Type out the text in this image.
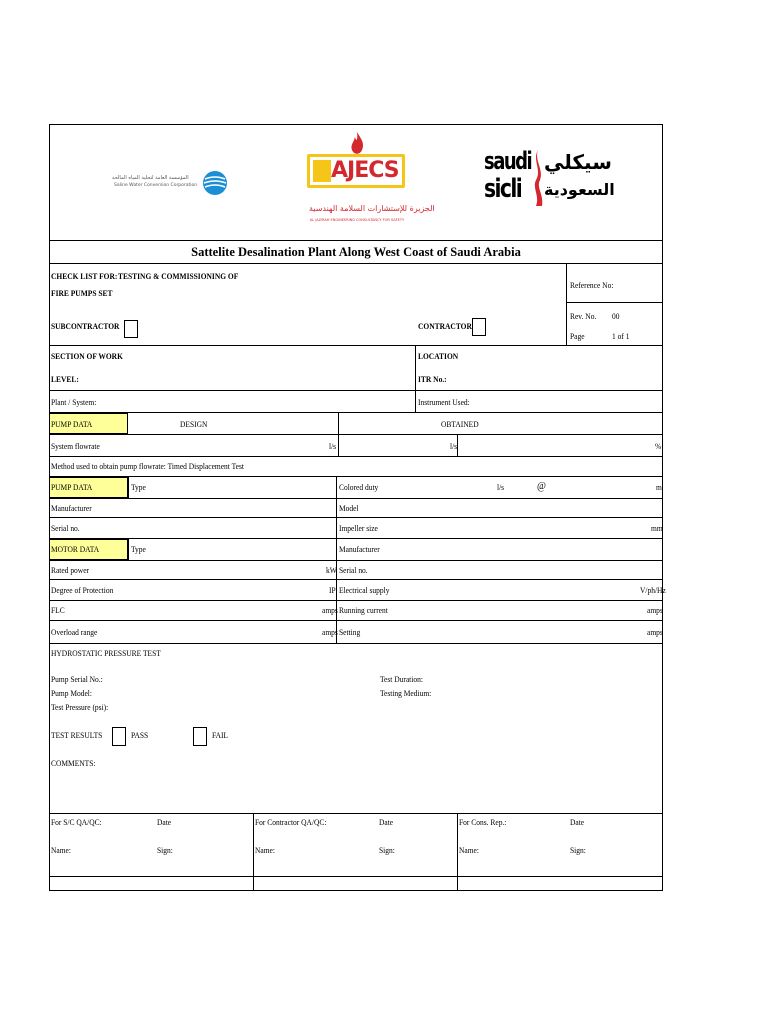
المؤسسة العامة لتحلية المياه المالحة
Saline Water Conversion Corporation
AJECS
الجزيرة للإستشارات السلامة الهندسية
AL JAZIRAH ENGINEERING CONSULTANCY FOR SAFETY
saudi
sicli
سيكلي
السعودية
Sattelite Desalination Plant Along West Coast of Saudi Arabia
CHECK LIST FOR: TESTING & COMMISSIONING OF
FIRE PUMPS SET
Reference No:
Rev. No. 00
Page	1 of 1
SUBCONTRACTOR	CONTRACTOR
SECTION OF WORK	LOCATION
LEVEL:	ITR No.:
Plant / System:	Instrument Used:
PUMP DATA	DESIGN	OBTAINED
System flowrate	l/s	l/s	%
Method used to obtain pump flowrate: Timed Displacement Test
PUMP DATA	Type	Colored duty	l/s	@	m
Manufacturer	Model
Serial no.	Impeller size	mm
MOTOR DATA	Type	Manufacturer
Rated power	kW Serial no.
Degree of Protection	IP Electrical supply	V/ph/Hz
FLC	amps Running current	amps
Overload range	amps Setting	amps
HYDROSTATIC PRESSURE TEST
Pump Serial No.:	Test Duration:
Pump Model:	Testing Medium:
Test Pressure (psi):
TEST RESULTS	PASS	FAIL
COMMENTS:
For S/C QA/QC:	Date	For Contractor QA/QC:	Date	For Cons. Rep.:	Date
Name:	Sign:	Name:	Sign:	Name:	Sign:
